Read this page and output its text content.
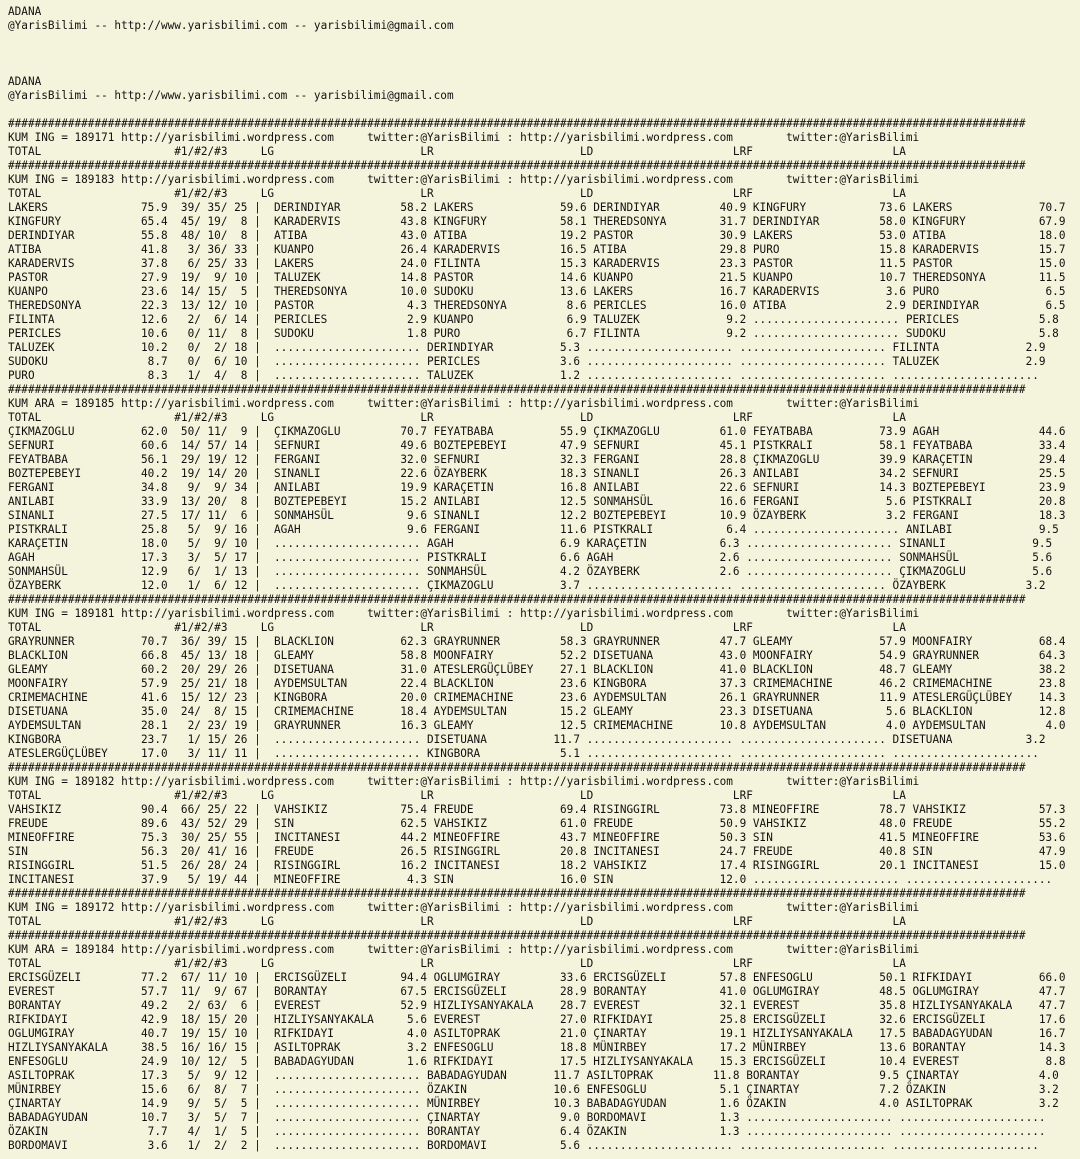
ADANA
@YarisBilimi -- http://www.yarisbilimi.com -- yarisbilimi@gmail.com
ADANA
@YarisBilimi -- http://www.yarisbilimi.com -- yarisbilimi@gmail.com
#########################################################################################################################################################
KUM ING = 189171 http://yarisbilimi.wordpress.com     twitter:@YarisBilimi : http://yarisbilimi.wordpress.com        twitter:@YarisBilimi
TOTAL                    #1/#2/#3     LG                      LR                      LD                     LRF                     LA
#########################################################################################################################################################
KUM ING = 189183 http://yarisbilimi.wordpress.com     twitter:@YarisBilimi : http://yarisbilimi.wordpress.com        twitter:@YarisBilimi
TOTAL                    #1/#2/#3     LG                      LR                      LD                     LRF                     LA
LAKERS              75.9  39/ 35/ 25 |  DERINDIYAR         58.2 LAKERS             59.6 DERINDIYAR         40.9 KINGFURY           73.6 LAKERS             70.7
KINGFURY            65.4  45/ 19/  8 |  KARADERVIS         43.8 KINGFURY           58.1 THEREDSONYA        31.7 DERINDIYAR         58.0 KINGFURY           67.9
DERINDIYAR          55.8  48/ 10/  8 |  ATIBA              43.0 ATIBA              19.2 PASTOR             30.9 LAKERS             53.0 ATIBA              18.0
ATIBA               41.8   3/ 36/ 33 |  KUANPO             26.4 KARADERVIS         16.5 ATIBA              29.8 PURO               15.8 KARADERVIS         15.7
KARADERVIS          37.8   6/ 25/ 33 |  LAKERS             24.0 FILINTA            15.3 KARADERVIS         23.3 PASTOR             11.5 PASTOR             15.0
PASTOR              27.9  19/  9/ 10 |  TALUZEK            14.8 PASTOR             14.6 KUANPO             21.5 KUANPO             10.7 THEREDSONYA        11.5
KUANPO              23.6  14/ 15/  5 |  THEREDSONYA        10.0 SUDOKU             13.6 LAKERS             16.7 KARADERVIS          3.6 PURO                6.5
THEREDSONYA         22.3  13/ 12/ 10 |  PASTOR              4.3 THEREDSONYA         8.6 PERICLES           16.0 ATIBA               2.9 DERINDIYAR          6.5
FILINTA             12.6   2/  6/ 14 |  PERICLES            2.9 KUANPO              6.9 TALUZEK             9.2 ...................... PERICLES            5.8
PERICLES            10.6   0/ 11/  8 |  SUDOKU              1.8 PURO                6.7 FILINTA             9.2 ...................... SUDOKU              5.8
TALUZEK             10.2   0/  2/ 18 |  ...................... DERINDIYAR          5.3 ...................... ...................... FILINTA             2.9
SUDOKU               8.7   0/  6/ 10 |  ...................... PERICLES            3.6 ...................... ...................... TALUZEK             2.9
PURO                 8.3   1/  4/  8 |  ...................... TALUZEK             1.2 ...................... ...................... ......................
#########################################################################################################################################################
KUM ARA = 189185 http://yarisbilimi.wordpress.com     twitter:@YarisBilimi : http://yarisbilimi.wordpress.com        twitter:@YarisBilimi
TOTAL                    #1/#2/#3     LG                      LR                      LD                     LRF                     LA
ÇIKMAZOGLU          62.0  50/ 11/  9 |  ÇIKMAZOGLU         70.7 FEYATBABA          55.9 ÇIKMAZOGLU         61.0 FEYATBABA          73.9 AGAH               44.6
SEFNURI             60.6  14/ 57/ 14 |  SEFNURI            49.6 BOZTEPEBEYI        47.9 SEFNURI            45.1 PISTKRALI          58.1 FEYATBABA          33.4
FEYATBABA           56.1  29/ 19/ 12 |  FERGANI            32.0 SEFNURI            32.3 FERGANI            28.8 ÇIKMAZOGLU         39.9 KARAÇETIN          29.4
BOZTEPEBEYI         40.2  19/ 14/ 20 |  SINANLI            22.6 ÖZAYBERK           18.3 SINANLI            26.3 ANILABI            34.2 SEFNURI            25.5
FERGANI             34.8   9/  9/ 34 |  ANILABI            19.9 KARAÇETIN          16.8 ANILABI            22.6 SEFNURI            14.3 BOZTEPEBEYI        23.9
ANILABI             33.9  13/ 20/  8 |  BOZTEPEBEYI        15.2 ANILABI            12.5 SONMAHSÜL          16.6 FERGANI             5.6 PISTKRALI          20.8
SINANLI             27.5  17/ 11/  6 |  SONMAHSÜL           9.6 SINANLI            12.2 BOZTEPEBEYI        10.9 ÖZAYBERK            3.2 FERGANI            18.3
PISTKRALI           25.8   5/  9/ 16 |  AGAH                9.6 FERGANI            11.6 PISTKRALI           6.4 ...................... ANILABI             9.5
KARAÇETIN           18.0   5/  9/ 10 |  ...................... AGAH                6.9 KARAÇETIN           6.3 ...................... SINANLI             9.5
AGAH                17.3   3/  5/ 17 |  ...................... PISTKRALI           6.6 AGAH                2.6 ...................... SONMAHSÜL           5.6
SONMAHSÜL           12.9   6/  1/ 13 |  ...................... SONMAHSÜL           4.2 ÖZAYBERK            2.6 ...................... ÇIKMAZOGLU          5.6
ÖZAYBERK            12.0   1/  6/ 12 |  ...................... ÇIKMAZOGLU          3.7 ...................... ...................... ÖZAYBERK            3.2
#########################################################################################################################################################
KUM ING = 189181 http://yarisbilimi.wordpress.com     twitter:@YarisBilimi : http://yarisbilimi.wordpress.com        twitter:@YarisBilimi
TOTAL                    #1/#2/#3     LG                      LR                      LD                     LRF                     LA
GRAYRUNNER          70.7  36/ 39/ 15 |  BLACKLION          62.3 GRAYRUNNER         58.3 GRAYRUNNER         47.7 GLEAMY             57.9 MOONFAIRY          68.4
BLACKLION           66.8  45/ 13/ 18 |  GLEAMY             58.8 MOONFAIRY          52.2 DISETUANA          43.0 MOONFAIRY          54.9 GRAYRUNNER         64.3
GLEAMY              60.2  20/ 29/ 26 |  DISETUANA          31.0 ATESLERGÜÇLÜBEY    27.1 BLACKLION          41.0 BLACKLION          48.7 GLEAMY             38.2
MOONFAIRY           57.9  25/ 21/ 18 |  AYDEMSULTAN        22.4 BLACKLION          23.6 KINGBORA           37.3 CRIMEMACHINE       46.2 CRIMEMACHINE       23.8
CRIMEMACHINE        41.6  15/ 12/ 23 |  KINGBORA           20.0 CRIMEMACHINE       23.6 AYDEMSULTAN        26.1 GRAYRUNNER         11.9 ATESLERGÜÇLÜBEY    14.3
DISETUANA           35.0  24/  8/ 15 |  CRIMEMACHINE       18.4 AYDEMSULTAN        15.2 GLEAMY             23.3 DISETUANA           5.6 BLACKLION          12.8
AYDEMSULTAN         28.1   2/ 23/ 19 |  GRAYRUNNER         16.3 GLEAMY             12.5 CRIMEMACHINE       10.8 AYDEMSULTAN         4.0 AYDEMSULTAN         4.0
KINGBORA            23.7   1/ 15/ 26 |  ...................... DISETUANA          11.7 ...................... ...................... DISETUANA           3.2
ATESLERGÜÇLÜBEY     17.0   3/ 11/ 11 |  ...................... KINGBORA            5.1 ...................... ...................... ......................
#########################################################################################################################################################
KUM ING = 189182 http://yarisbilimi.wordpress.com     twitter:@YarisBilimi : http://yarisbilimi.wordpress.com        twitter:@YarisBilimi
TOTAL                    #1/#2/#3     LG                      LR                      LD                     LRF                     LA
VAHSIKIZ            90.4  66/ 25/ 22 |  VAHSIKIZ           75.4 FREUDE             69.4 RISINGGIRL         73.8 MINEOFFIRE         78.7 VAHSIKIZ           57.3
FREUDE              89.6  43/ 52/ 29 |  SIN                62.5 VAHSIKIZ           61.0 FREUDE             50.9 VAHSIKIZ           48.0 FREUDE             55.2
MINEOFFIRE          75.3  30/ 25/ 55 |  INCITANESI         44.2 MINEOFFIRE         43.7 MINEOFFIRE         50.3 SIN                41.5 MINEOFFIRE         53.6
SIN                 56.3  20/ 41/ 16 |  FREUDE             26.5 RISINGGIRL         20.8 INCITANESI         24.7 FREUDE             40.8 SIN                47.9
RISINGGIRL          51.5  26/ 28/ 24 |  RISINGGIRL         16.2 INCITANESI         18.2 VAHSIKIZ           17.4 RISINGGIRL         20.1 INCITANESI         15.0
INCITANESI          37.9   5/ 19/ 44 |  MINEOFFIRE          4.3 SIN                16.0 SIN                12.0 ...................... ......................
#########################################################################################################################################################
KUM ING = 189172 http://yarisbilimi.wordpress.com     twitter:@YarisBilimi : http://yarisbilimi.wordpress.com        twitter:@YarisBilimi
TOTAL                    #1/#2/#3     LG                      LR                      LD                     LRF                     LA
#########################################################################################################################################################
KUM ARA = 189184 http://yarisbilimi.wordpress.com     twitter:@YarisBilimi : http://yarisbilimi.wordpress.com        twitter:@YarisBilimi
TOTAL                    #1/#2/#3     LG                      LR                      LD                     LRF                     LA
ERCISGÜZELI         77.2  67/ 11/ 10 |  ERCISGÜZELI        94.4 OGLUMGIRAY         33.6 ERCISGÜZELI        57.8 ENFESOGLU          50.1 RIFKIDAYI          66.0
EVEREST             57.7  11/  9/ 67 |  BORANTAY           67.5 ERCISGÜZELI        28.9 BORANTAY           41.0 OGLUMGIRAY         48.5 OGLUMGIRAY         47.7
BORANTAY            49.2   2/ 63/  6 |  EVEREST            52.9 HIZLIYSANYAKALA    28.7 EVEREST            32.1 EVEREST            35.8 HIZLIYSANYAKALA    47.7
RIFKIDAYI           42.9  18/ 15/ 20 |  HIZLIYSANYAKALA     5.6 EVEREST            27.0 RIFKIDAYI          25.8 ERCISGÜZELI        32.6 ERCISGÜZELI        17.6
OGLUMGIRAY          40.7  19/ 15/ 10 |  RIFKIDAYI           4.0 ASILTOPRAK         21.0 ÇINARTAY           19.1 HIZLIYSANYAKALA    17.5 BABADAGYUDAN       16.7
HIZLIYSANYAKALA     38.5  16/ 16/ 15 |  ASILTOPRAK          3.2 ENFESOGLU          18.8 MÜNIRBEY           17.2 MÜNIRBEY           13.6 BORANTAY           14.3
ENFESOGLU           24.9  10/ 12/  5 |  BABADAGYUDAN        1.6 RIFKIDAYI          17.5 HIZLIYSANYAKALA    15.3 ERCISGÜZELI        10.4 EVEREST             8.8
ASILTOPRAK          17.3   5/  9/ 12 |  ...................... BABADAGYUDAN       11.7 ASILTOPRAK         11.8 BORANTAY            9.5 ÇINARTAY            4.0
MÜNIRBEY            15.6   6/  8/  7 |  ...................... ÖZAKIN             10.6 ENFESOGLU           5.1 ÇINARTAY            7.2 ÖZAKIN              3.2
ÇINARTAY            14.9   9/  5/  5 |  ...................... MÜNIRBEY           10.3 BABADAGYUDAN        1.6 ÖZAKIN              4.0 ASILTOPRAK          3.2
BABADAGYUDAN        10.7   3/  5/  7 |  ...................... ÇINARTAY            9.0 BORDOMAVI           1.3 ...................... ......................
ÖZAKIN               7.7   4/  1/  5 |  ...................... BORANTAY            6.4 ÖZAKIN              1.3 ...................... ......................
BORDOMAVI            3.6   1/  2/  2 |  ...................... BORDOMAVI           5.6 ...................... ...................... ......................
